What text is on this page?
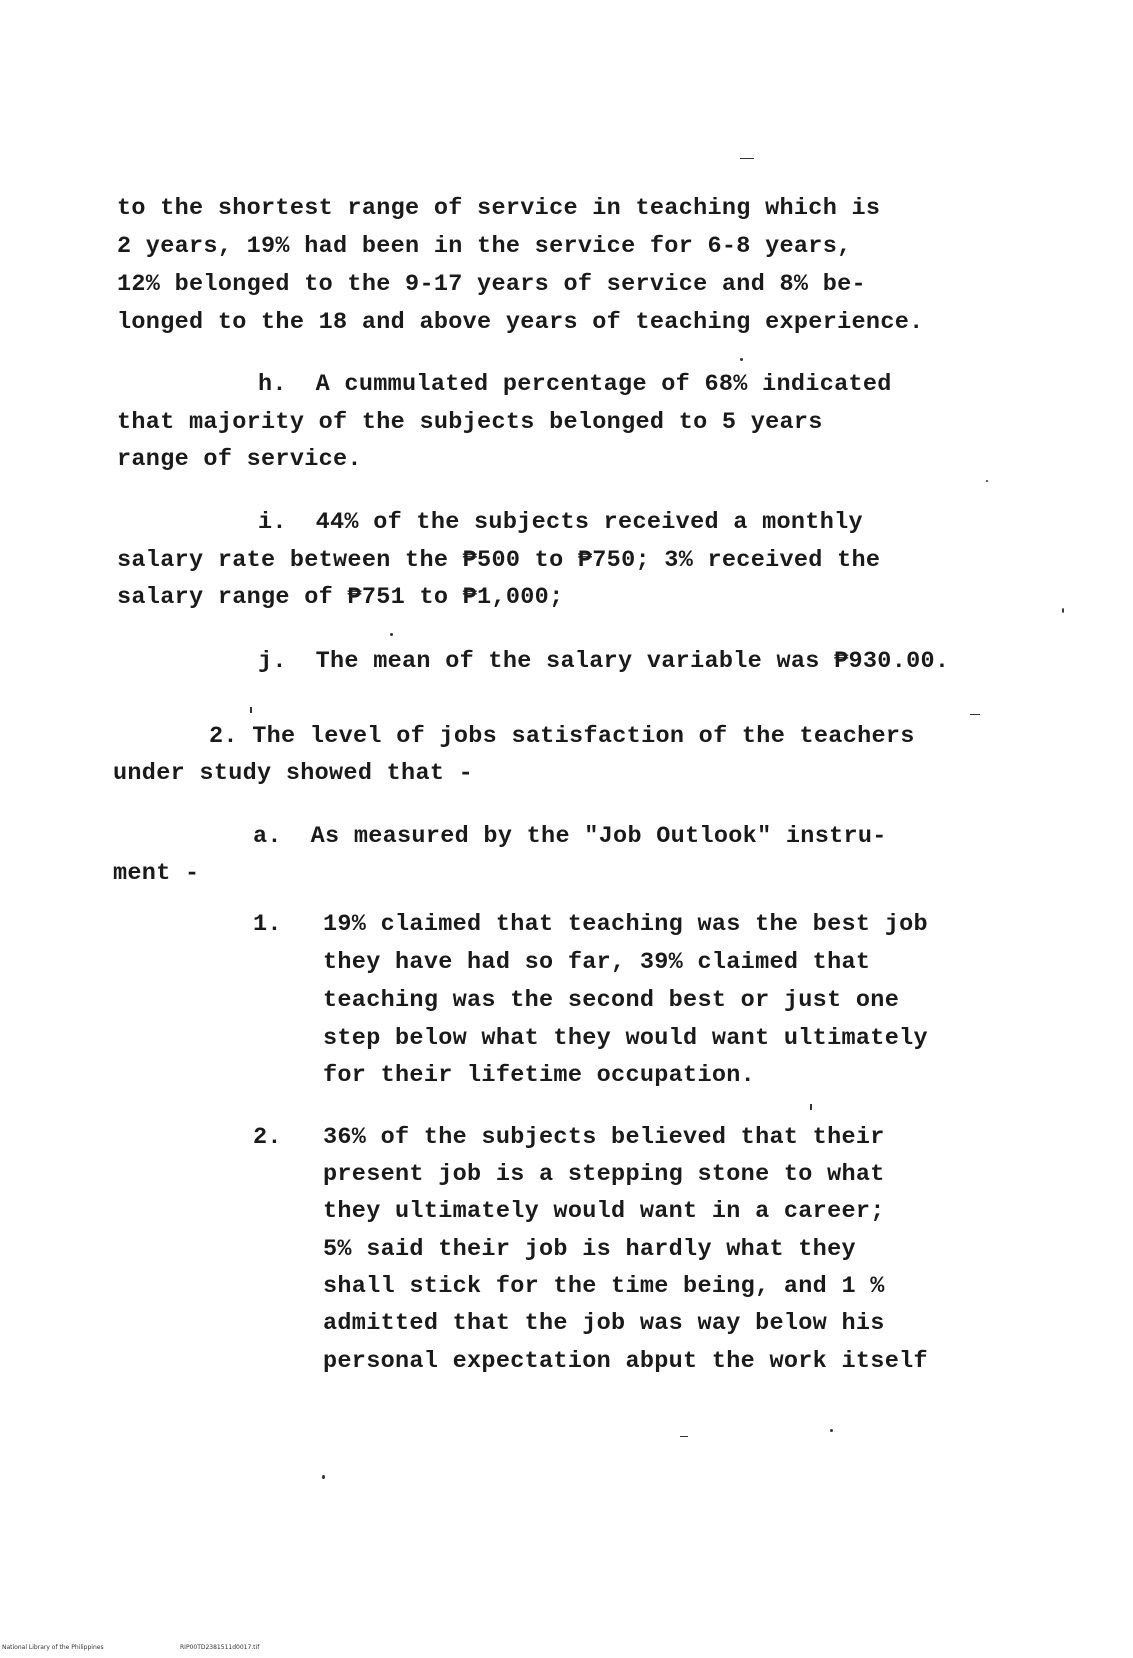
to the shortest range of service in teaching which is
2 years, 19% had been in the service for 6-8 years,
12% belonged to the 9-17 years of service and 8% be-
longed to the 18 and above years of teaching experience.
h.  A cummulated percentage of 68% indicated
that majority of the subjects belonged to 5 years
range of service.
i.  44% of the subjects received a monthly
salary rate between the ₱500 to ₱750; 3% received the
salary range of ₱751 to ₱1,000;
j.  The mean of the salary variable was ₱930.00.
2. The level of jobs satisfaction of the teachers
under study showed that -
a.  As measured by the "Job Outlook" instru-
ment -
1. 19% claimed that teaching was the best job
they have had so far, 39% claimed that
teaching was the second best or just one
step below what they would want ultimately
for their lifetime occupation.
2. 36% of the subjects believed that their
present job is a stepping stone to what
they ultimately would want in a career;
5% said their job is hardly what they
shall stick for the time being, and 1 %
admitted that the job was way below his
personal expectation abput the work itself
National Library of the Philippines	RIP00TD2381511d0017.tif
